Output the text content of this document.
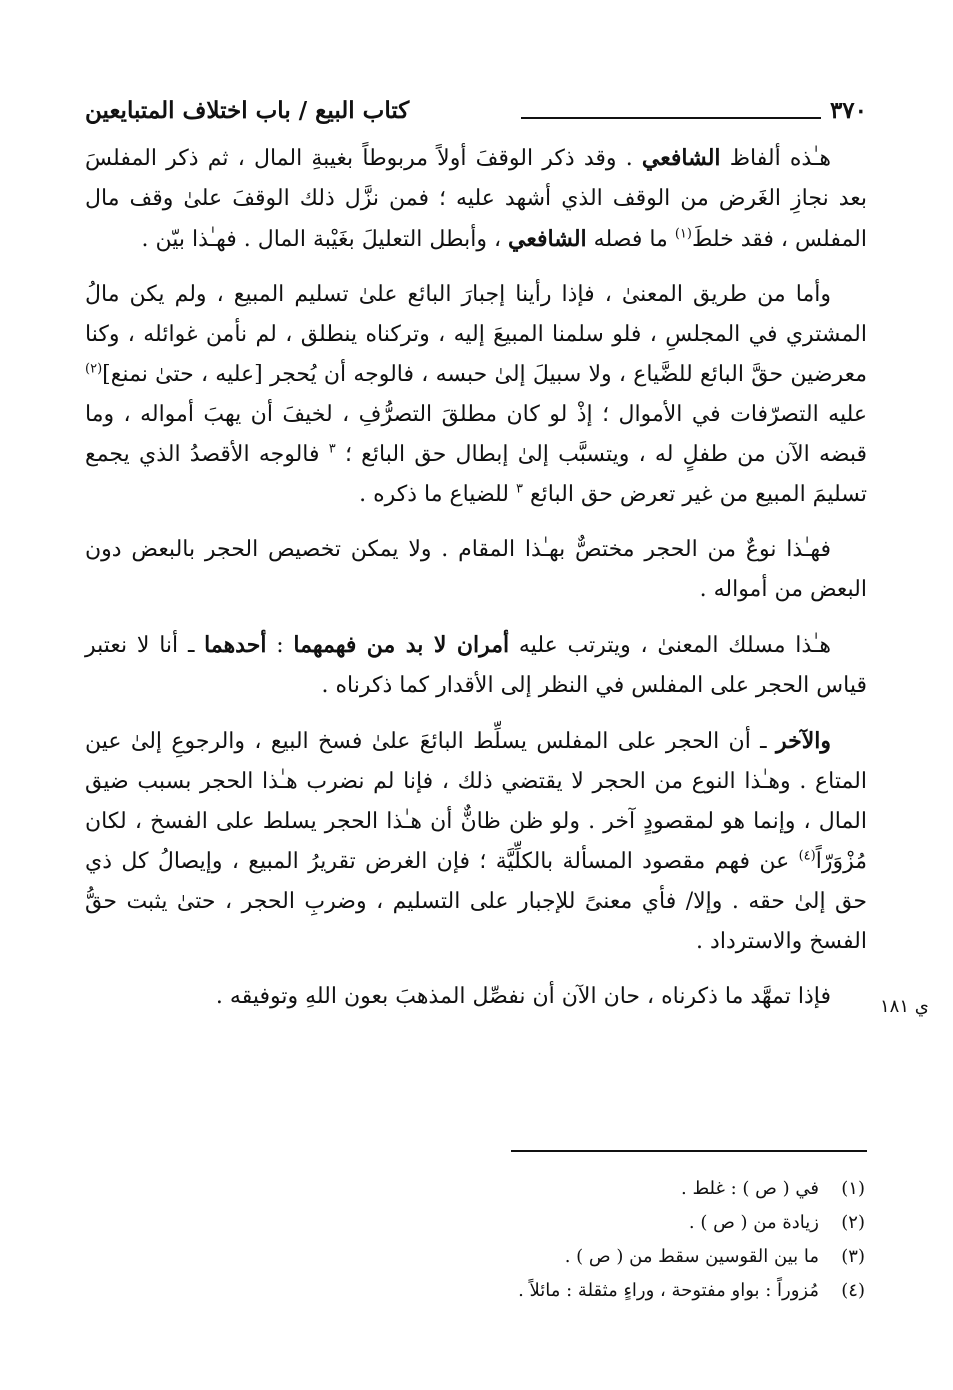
٣٧٠
كتاب البيع / باب اختلاف المتبايعين

هـٰذه ألفاظ الشافعي . وقد ذكر الوقفَ أولاً مربوطاً بغيبةِ المال ، ثم ذكر المفلسَ بعد نجازِ الغَرض من الوقف الذي أشهد عليه ؛ فمن نزَّل ذلك الوقفَ علىٰ وقف مال المفلس ، فقد خلطَ$^{(١)}$ ما فصله الشافعي ، وأبطل التعليلَ بغَيْبة المال . فهـٰذا بيّن .

وأما من طريق المعنىٰ ، فإذا رأينا إجبارَ البائع علىٰ تسليم المبيع ، ولم يكن مالُ المشتري في المجلسِ ، فلو سلمنا المبيعَ إليه ، وتركناه ينطلق ، لم نأمن غوائله ، وكنا معرضين حقَّ البائع للضَّياع ، ولا سبيلَ إلىٰ حبسه ، فالوجه أن يُحجر [عليه ، حتىٰ نمنع]$^{(٢)}$ عليه التصرّفات في الأموال ؛ إذْ لو كان مطلقَ التصرُّفِ ، لخيفَ أن يهبَ أمواله ، وما قبضه الآن من طفلٍ له ، ويتسبَّب إلىٰ إبطال حق البائع ؛ $^٣$ فالوجه الأقصدُ الذي يجمع تسليمَ المبيع من غير تعرض حق البائع $^٣$ للضياع ما ذكره .

فهـٰذا نوعٌ من الحجر مختصٌّ بهـٰذا المقام . ولا يمكن تخصيص الحجر بالبعض دون البعض من أمواله .

هـٰذا مسلك المعنىٰ ، ويترتب عليه أمران لا بد من فهمهما : أحدهما ـ أنا لا نعتبر قياس الحجر على المفلس في النظر إلى الأقدار كما ذكرناه .

والآخر ـ أن الحجر على المفلس يسلِّط البائعَ علىٰ فسخ البيع ، والرجوعِ إلىٰ عين المتاع . وهـٰذا النوع من الحجر لا يقتضي ذلك ، فإنا لم نضرب هـٰذا الحجر بسبب ضيق المال ، وإنما هو لمقصودٍ آخر . ولو ظن ظانٌّ أن هـٰذا الحجر يسلط على الفسخ ، لكان مُزْوَرّاً$^{(٤)}$ عن فهم مقصود المسألة بالكلِّيَّة ؛ فإن الغرض تقريرُ المبيع ، وإيصالُ كل ذي حق إلىٰ حقه . وإلا/ فأي معنىً للإجبار على التسليم ، وضربِ الحجر ، حتىٰ يثبت حقُّ الفسخ والاسترداد .

فإذا تمهَّد ما ذكرناه ، حان الآن أن نفصِّل المذهبَ بعون اللهِ وتوفيقه .	ي ١٨١
(١)
في ( ص ) : غلط .
(٢)
زيادة من ( ص ) .
(٣)
ما بين القوسين سقط من ( ص ) .
(٤)
مُزوراً : بواو مفتوحة ، وراءٍ مثقلة : مائلاً .
